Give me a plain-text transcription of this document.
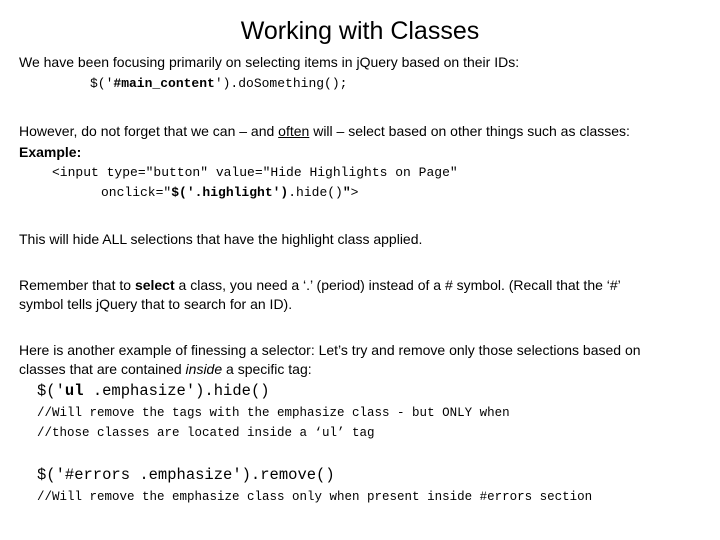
Working with Classes

We have been focusing primarily on selecting items in jQuery based on their IDs:

$('#main_content').doSomething();

However, do not forget that we can – and often will – select based on other things such as classes:

Example:

<input type="button" value="Hide Highlights on Page"

onclick="$('.highlight').hide()">

This will hide ALL selections that have the highlight class applied.

Remember that to select a class, you need a ‘.’ (period) instead of a # symbol. (Recall that the ‘#’

symbol tells jQuery that to search for an ID).

Here is another example of finessing a selector: Let’s try and remove only those selections based on

classes that are contained inside a specific tag:

$('ul .emphasize').hide()

//Will remove the tags with the emphasize class - but ONLY when

//those classes are located inside a ‘ul’ tag

$('#errors .emphasize').remove()

//Will remove the emphasize class only when present inside #errors section
